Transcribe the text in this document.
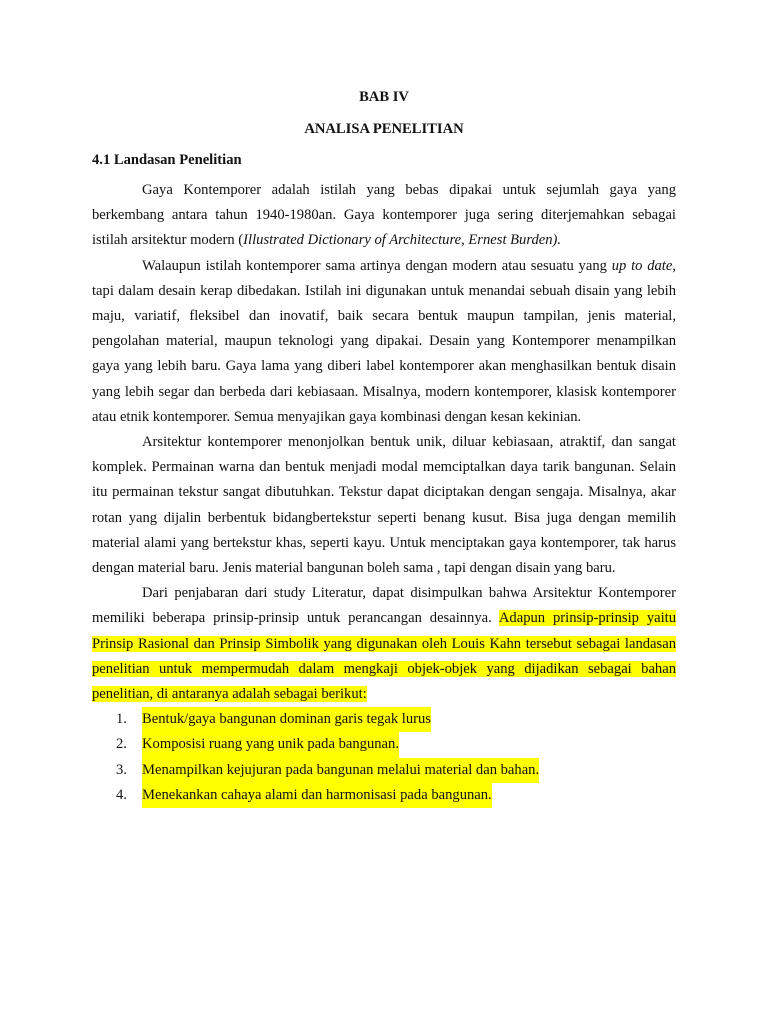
BAB IV
ANALISA PENELITIAN
4.1 Landasan Penelitian

Gaya Kontemporer adalah istilah yang bebas dipakai untuk sejumlah gaya yang berkembang antara tahun 1940-1980an. Gaya kontemporer juga sering diterjemahkan sebagai istilah arsitektur modern (Illustrated Dictionary of Architecture, Ernest Burden).

Walaupun istilah kontemporer sama artinya dengan modern atau sesuatu yang up to date, tapi dalam desain kerap dibedakan. Istilah ini digunakan untuk menandai sebuah disain yang lebih maju, variatif, fleksibel dan inovatif, baik secara bentuk maupun tampilan, jenis material, pengolahan material, maupun teknologi yang dipakai. Desain yang Kontemporer menampilkan gaya yang lebih baru. Gaya lama yang diberi label kontemporer akan menghasilkan bentuk disain yang lebih segar dan berbeda dari kebiasaan. Misalnya, modern kontemporer, klasisk kontemporer atau etnik kontemporer. Semua menyajikan gaya kombinasi dengan kesan kekinian.

Arsitektur kontemporer menonjolkan bentuk unik, diluar kebiasaan, atraktif, dan sangat komplek. Permainan warna dan bentuk menjadi modal memciptalkan daya tarik bangunan. Selain itu permainan tekstur sangat dibutuhkan. Tekstur dapat diciptakan dengan sengaja. Misalnya, akar rotan yang dijalin berbentuk bidangbertekstur seperti benang kusut. Bisa juga dengan memilih material alami yang bertekstur khas, seperti kayu. Untuk menciptakan gaya kontemporer, tak harus dengan material baru. Jenis material bangunan boleh sama , tapi dengan disain yang baru.

Dari penjabaran dari study Literatur, dapat disimpulkan bahwa Arsitektur Kontemporer memiliki beberapa prinsip-prinsip untuk perancangan desainnya. Adapun prinsip-prinsip yaitu Prinsip Rasional dan Prinsip Simbolik yang digunakan oleh Louis Kahn tersebut sebagai landasan penelitian untuk mempermudah dalam mengkaji objek-objek yang dijadikan sebagai bahan penelitian, di antaranya adalah sebagai berikut:

1.	Bentuk/gaya bangunan dominan garis tegak lurus
2.	Komposisi ruang yang unik pada bangunan.
3.	Menampilkan kejujuran pada bangunan melalui material dan bahan.
4.	Menekankan cahaya alami dan harmonisasi pada bangunan.
